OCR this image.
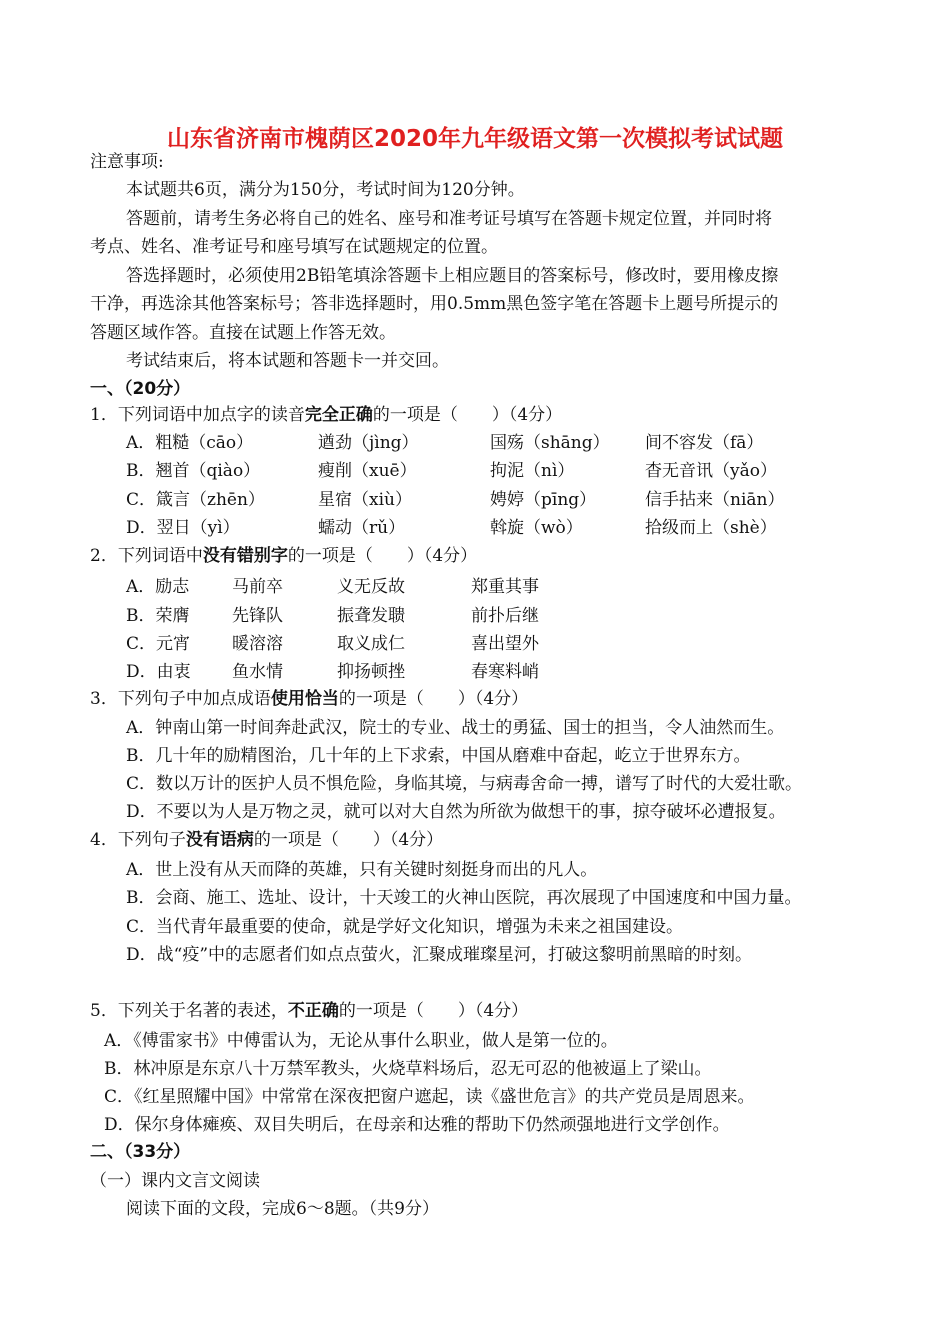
山东省济南市槐荫区2020年九年级语文第一次模拟考试试题
注意事项:
本试题共6页，满分为150分，考试时间为120分钟。
答题前，请考生务必将自己的姓名、座号和准考证号填写在答题卡规定位置，并同时将
考点、姓名、准考证号和座号填写在试题规定的位置。
答选择题时，必须使用2B铅笔填涂答题卡上相应题目的答案标号，修改时，要用橡皮擦
干净，再选涂其他答案标号；答非选择题时，用0.5mm黑色签字笔在答题卡上题号所提示的
答题区域作答。直接在试题上作答无效。
考试结束后，将本试题和答题卡一并交回。
一、（20分）
1．下列词语中加点字的读音完全正确的一项是（　　）（4分）
A．粗糙（cāo）	遒劲（jìng）	国殇（shāng） 间不容发（fā）
B．翘首（qiào）	瘦削（xuē）	拘泥（nì）	杳无音讯（yǎo）
C．箴言（zhēn）	星宿（xiù）	娉婷（pīng）	信手拈来（niān）
D．翌日（yì）	蠕动（rǔ）	斡旋（wò）	拾级而上（shè）
2．下列词语中没有错别字的一项是（　　）（4分）
A．励志	马前卒	义无反故	郑重其事
B．荣膺	先锋队	振聋发聩	前扑后继
C．元宵 暖溶溶	取义成仁	喜出望外
D．由衷 鱼水情	抑扬顿挫	春寒料峭
3．下列句子中加点成语使用恰当的一项是（　　）（4分）
A．钟南山第一时间奔赴武汉，院士的专业、战士的勇猛、国士的担当，令人油然而生。
B．几十年的励精图治，几十年的上下求索，中国从磨难中奋起，屹立于世界东方。
C．数以万计的医护人员不惧危险，身临其境，与病毒舍命一搏，谱写了时代的大爱壮歌。
D．不要以为人是万物之灵，就可以对大自然为所欲为做想干的事，掠夺破坏必遭报复。
4．下列句子没有语病的一项是（　　）（4分）
A．世上没有从天而降的英雄，只有关键时刻挺身而出的凡人。
B．会商、施工、选址、设计，十天竣工的火神山医院，再次展现了中国速度和中国力量。
C．当代青年最重要的使命，就是学好文化知识，增强为未来之祖国建设。
D．战“疫”中的志愿者们如点点萤火，汇聚成璀璨星河，打破这黎明前黑暗的时刻。
5．下列关于名著的表述，不正确的一项是（　　）（4分）
A．《傅雷家书》中傅雷认为，无论从事什么职业，做人是第一位的。
B．林冲原是东京八十万禁军教头，火烧草料场后，忍无可忍的他被逼上了梁山。
C．《红星照耀中国》中常常在深夜把窗户遮起，读《盛世危言》的共产党员是周恩来。
D．保尔身体瘫痪、双目失明后，在母亲和达雅的帮助下仍然顽强地进行文学创作。
二、（33分）
（一）课内文言文阅读
阅读下面的文段，完成6～8题。（共9分）
